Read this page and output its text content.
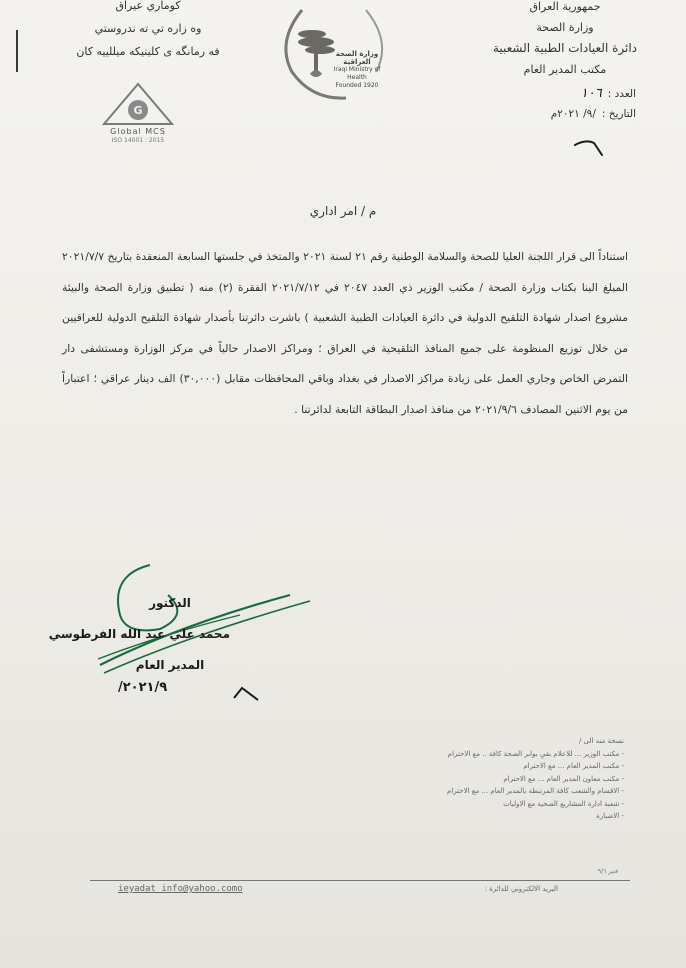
جمهورية العراق
وزارة الصحة
دائرة العيادات الطبية الشعبية
مكتب المدير العام
العدد :
١٠٦
التاريخ :
/٩/ ٢٠٢١م
كوماري عيراق
وه زاره تي ته ندروستي
فه رمانگه ى كلينيكه ميللييه كان	وزارة الصحة العراقية
Iraqi Ministry of Health
Founded 1920
G
Global MCS
ISO 14001 : 2015
م / امر اداري

استناداً الى قرار اللجنة العليا للصحة والسلامة الوطنية رقم ٢١ لسنة ٢٠٢١ والمتخذ في جلستها السابعة المنعقدة بتاريخ ٢٠٢١/٧/٧ المبلغ الينا بكتاب وزارة الصحة / مكتب الوزير ذي العدد ٢٠٤٧ في ٢٠٢١/٧/١٢ الفقرة (٢) منه ( تطبيق وزارة الصحة والبيئة مشروع اصدار شهادة التلقيح الدولية في دائرة العيادات الطبية الشعبية ) باشرت دائرتنا بأصدار شهادة التلقيح الدولية للعراقيين من خلال توزيع المنظومة على جميع المنافذ التلقيحية في العراق ؛ ومراكز الاصدار حالياً في مركز الوزارة ومستشفى دار التمرض الخاص وجاري العمل على زيادة مراكز الاصدار في بغداد وباقي المحافظات مقابل (٣٠,٠٠٠) الف دينار عراقي ؛ اعتباراً من يوم الاثنين المصادف ٢٠٢١/٩/٦ من منافذ اصدار البطاقة التابعة لدائرتنا .

الدكتور
محمد علي عبد الله الفرطوسي
المدير العام
٢٠٢١/٩/
نسخة منه الى /
- مكتب الوزير ... للاعلام بقيِ بوابر الصحة كافة .. مع الاحترام
- مكتب المدير العام ... مع الاحترام
- مكتب معاون المدير العام ... مع الاحترام
- الاقسام والشعب كافة المرتبطة بالمدير العام ... مع الاحترام
- شعبة ادارة المشاريع الصحية مع الاوليات
- الاضبارة
فنير ٩/٦
ieyadat_info@yahoo.como	البريد الالكتروني للدائرة :
